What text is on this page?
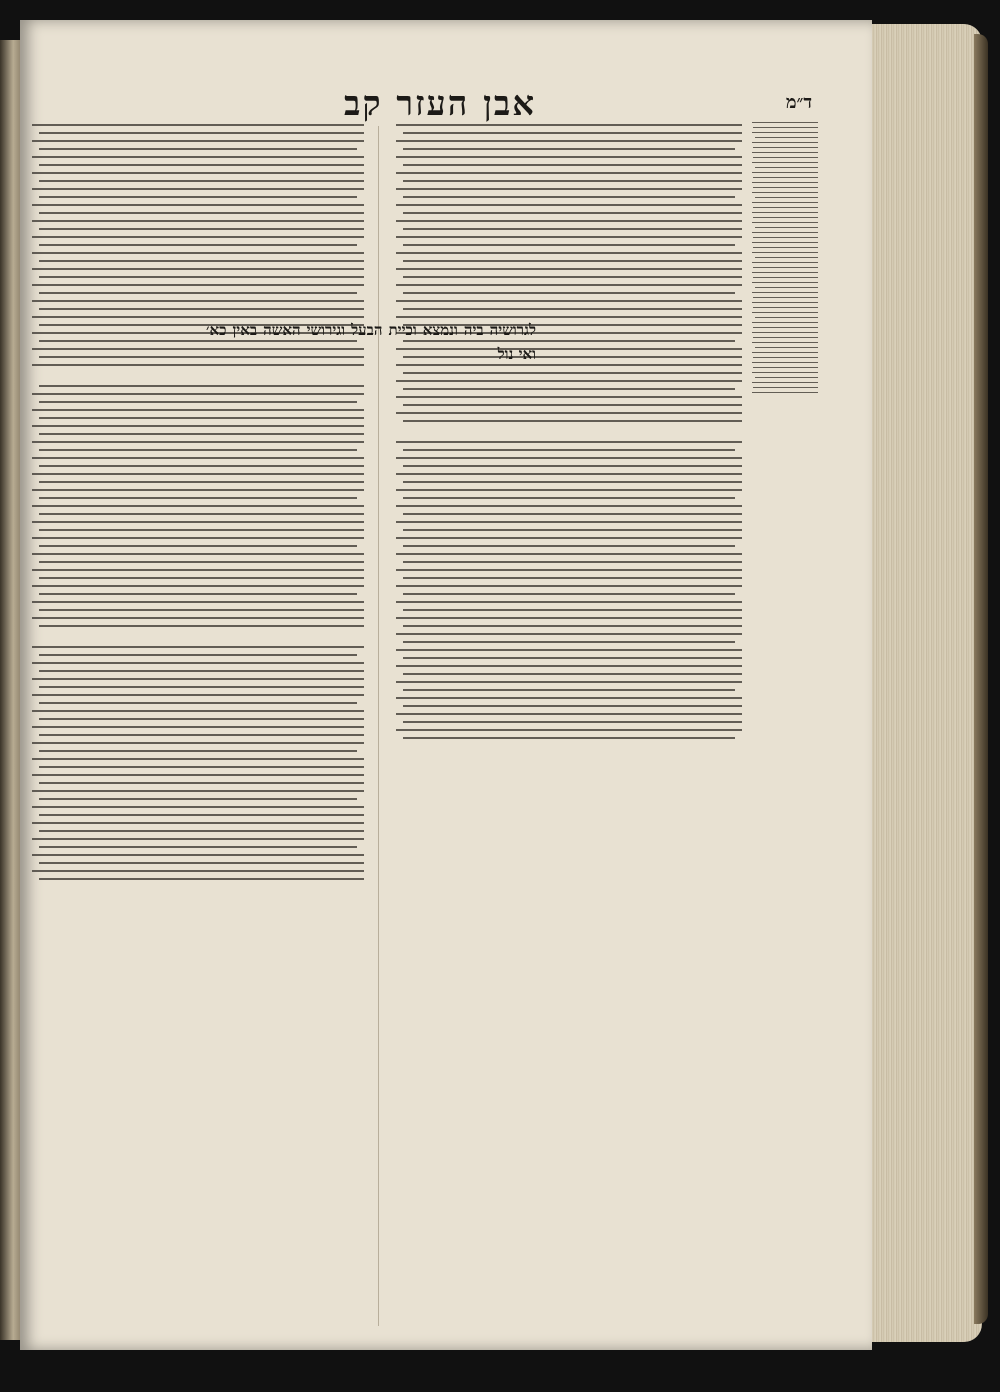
אבן העזר קב	ד״מ
לגרושיה ביה ונמצא וכיית הבעל וגירושי האשה באין כא׳ ואי נול
